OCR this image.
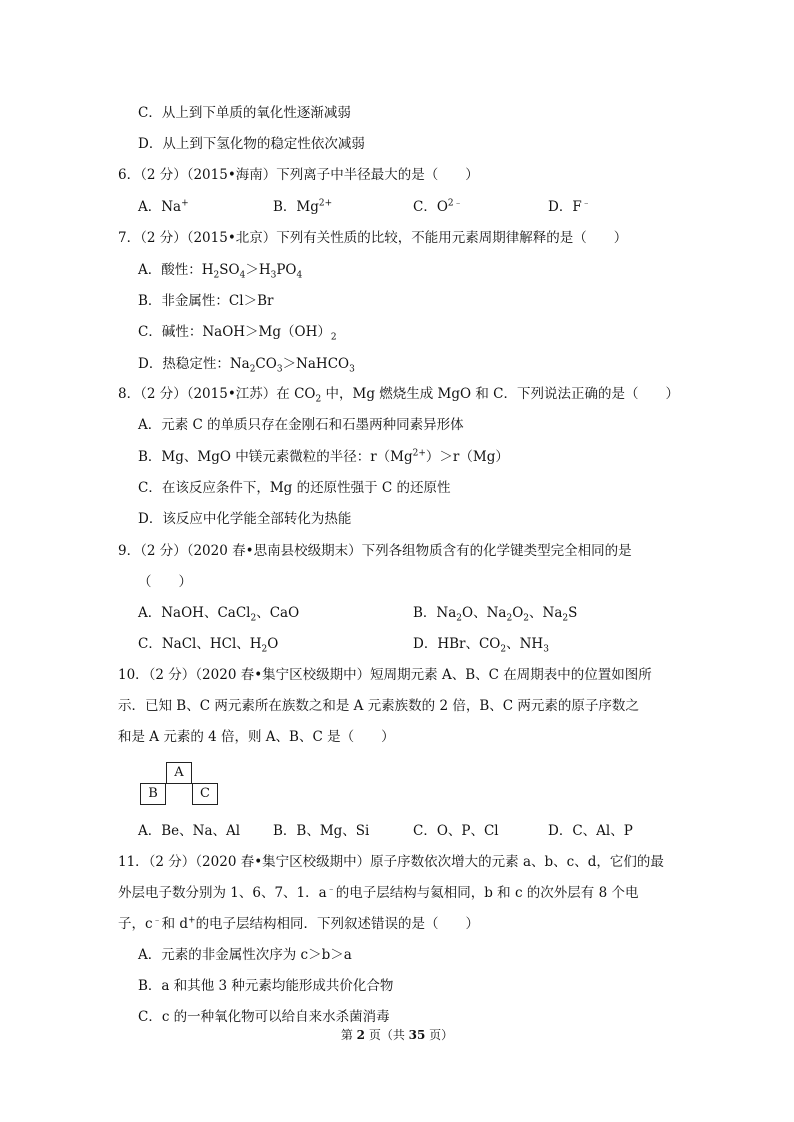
C．从上到下单质的氧化性逐渐减弱
D．从上到下氢化物的稳定性依次减弱
6．（2 分）（2015•海南）下列离子中半径最大的是（　　）
A．Na+	B．$Mg^{2+}$	C．$O^{2﹣}$	D．F﹣
7．（2 分）（2015•北京）下列有关性质的比较，不能用元素周期律解释的是（　　）
A．酸性：$H_2SO_4>H_3PO_4$
B．非金属性：Cl＞Br
C．碱性：$NaOH>Mg(OH)_2$
D．热稳定性：$Na_2CO_3>NaHCO_3$
8．（2 分）（2015•江苏）在 $CO_2$ 中，Mg 燃烧生成 MgO 和 C．下列说法正确的是（　　）
A．元素 C 的单质只存在金刚石和石墨两种同素异形体
B．Mg、MgO 中镁元素微粒的半径：$r(Mg^{2+})>r(Mg)$
C．在该反应条件下，Mg 的还原性强于 C 的还原性
D．该反应中化学能全部转化为热能
9．（2 分）（2020 春•思南县校级期末）下列各组物质含有的化学键类型完全相同的是
（　　）
A．NaOH、CaCl$_2$、CaO	B．$Na_2O$、$Na_2O_2$、$Na_2S$
C．NaCl、HCl、$H_2O$	D．HBr、$CO_2$、$NH_3$
10．（2 分）（2020 春•集宁区校级期中）短周期元素 A、B、C 在周期表中的位置如图所
示．已知 B、C 两元素所在族数之和是 A 元素族数的 2 倍，B、C 两元素的原子序数之
和是 A 元素的 4 倍，则 A、B、C 是（　　）
A
B	C
A．Be、Na、Al B．B、Mg、Si	C．O、P、Cl	D．C、Al、P
11．（2 分）（2020 春•集宁区校级期中）原子序数依次增大的元素 a、b、c、d，它们的最
外层电子数分别为 1、6、7、1．a﹣的电子层结构与氦相同，b 和 c 的次外层有 8 个电
子，c﹣和 d+的电子层结构相同．下列叙述错误的是（　　）
A．元素的非金属性次序为 c＞b＞a
B．a 和其他 3 种元素均能形成共价化合物
C．c 的一种氧化物可以给自来水杀菌消毒
第 2 页（共 35 页）
